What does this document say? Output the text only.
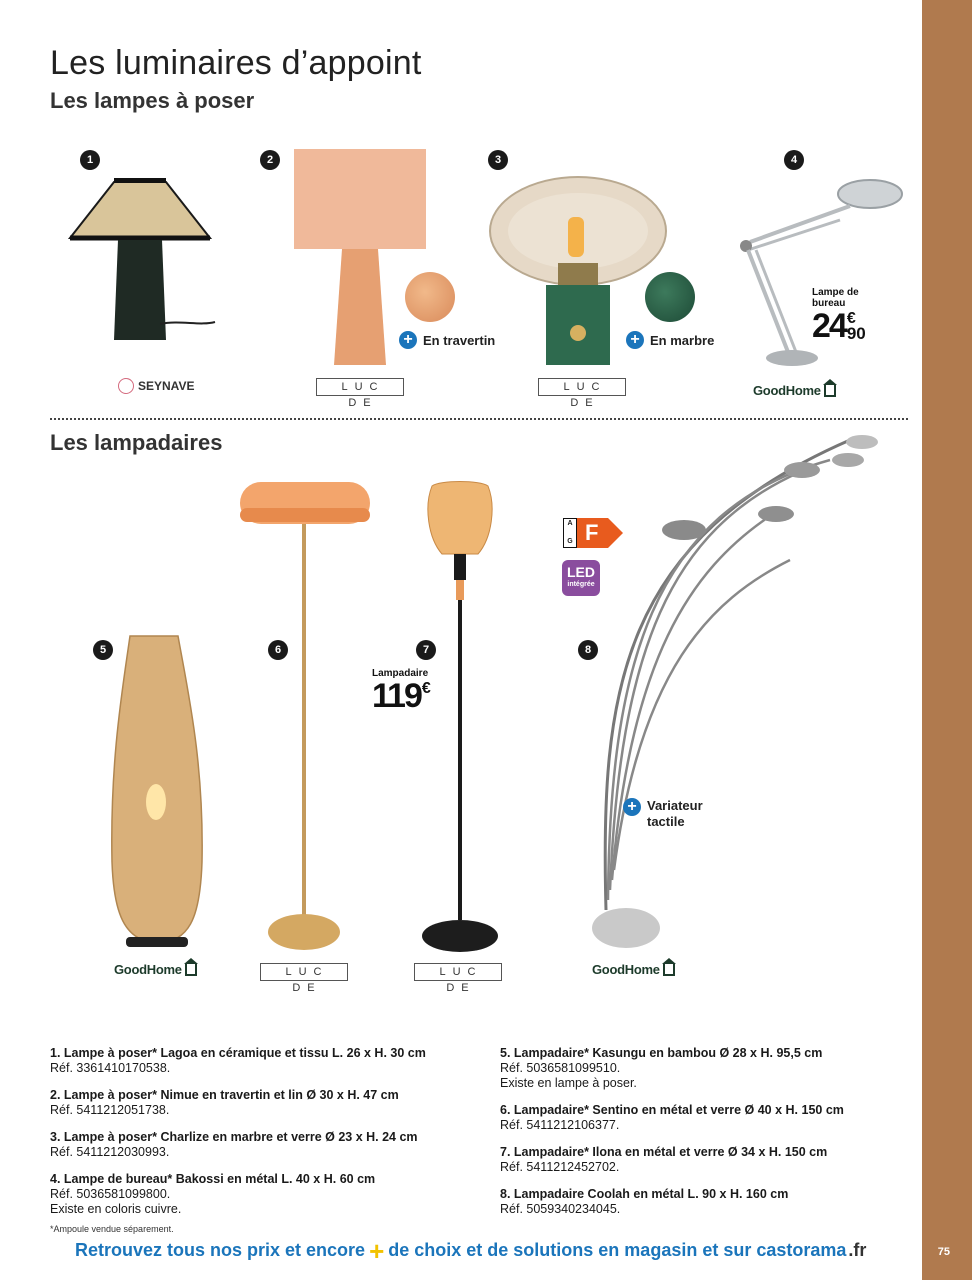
75
Les luminaires d’appoint
Les lampes à poser
1
SEYNAVE
2
+ En travertin
LUC DE
3
+ En marbre
LUC DE
4
Lampe de
bureau
24 €
90
GoodHome
Les lampadaires
5
GoodHome
6
LUC DE
7
Lampadaire
119 €
LUC DE
8
A
G F
LED
intégrée
+ Variateur
tactile
GoodHome
1. Lampe à poser* Lagoa en céramique et tissu L. 26 x H. 30 cm
Réf. 3361410170538.
2. Lampe à poser* Nimue en travertin et lin Ø 30 x H. 47 cm
Réf. 5411212051738.
3. Lampe à poser* Charlize en marbre et verre Ø 23 x H. 24 cm
Réf. 5411212030993.
4. Lampe de bureau* Bakossi en métal L. 40 x H. 60 cm
Réf. 5036581099800.
Existe en coloris cuivre.
5. Lampadaire* Kasungu en bambou Ø 28 x H. 95,5 cm
Réf. 5036581099510.
Existe en lampe à poser.
6. Lampadaire* Sentino en métal et verre Ø 40 x H. 150 cm
Réf. 5411212106377.
7. Lampadaire* Ilona en métal et verre Ø 34 x H. 150 cm
Réf. 5411212452702.
8. Lampadaire Coolah en métal L. 90 x H. 160 cm
Réf. 5059340234045.
*Ampoule vendue séparement.
Retrouvez tous nos prix et encore + de choix et de solutions en magasin et sur castorama .fr
